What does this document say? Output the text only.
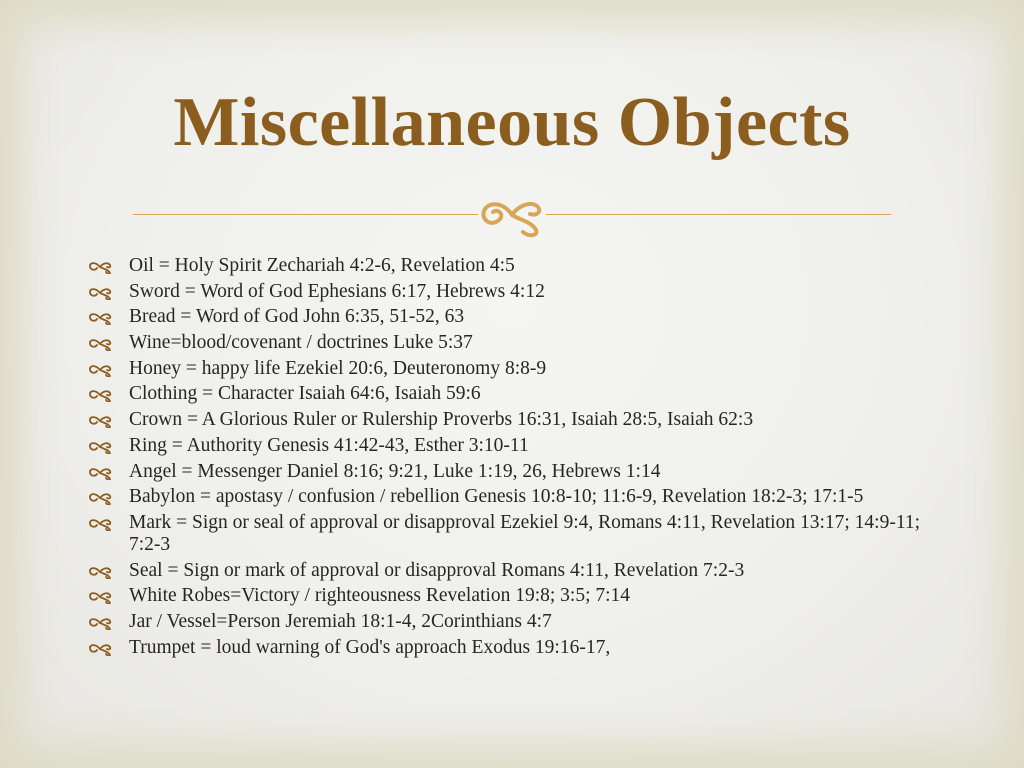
Miscellaneous Objects
Oil = Holy Spirit Zechariah 4:2-6, Revelation 4:5
Sword = Word of God Ephesians 6:17, Hebrews 4:12
Bread = Word of God John 6:35, 51-52, 63
Wine=blood/covenant / doctrines Luke 5:37
Honey = happy life Ezekiel 20:6, Deuteronomy 8:8-9
Clothing = Character Isaiah 64:6, Isaiah 59:6
Crown = A Glorious Ruler or Rulership Proverbs 16:31, Isaiah 28:5, Isaiah 62:3
Ring = Authority Genesis 41:42-43, Esther 3:10-11
Angel = Messenger Daniel 8:16; 9:21, Luke 1:19, 26, Hebrews 1:14
Babylon = apostasy / confusion / rebellion Genesis 10:8-10; 11:6-9, Revelation 18:2-3; 17:1-5
Mark = Sign or seal of approval or disapproval Ezekiel 9:4, Romans 4:11, Revelation 13:17; 14:9-11; 7:2-3
Seal = Sign or mark of approval or disapproval Romans 4:11, Revelation 7:2-3
White Robes=Victory / righteousness Revelation 19:8; 3:5; 7:14
Jar / Vessel=Person Jeremiah 18:1-4, 2Corinthians 4:7
Trumpet = loud warning of God's approach Exodus 19:16-17,
